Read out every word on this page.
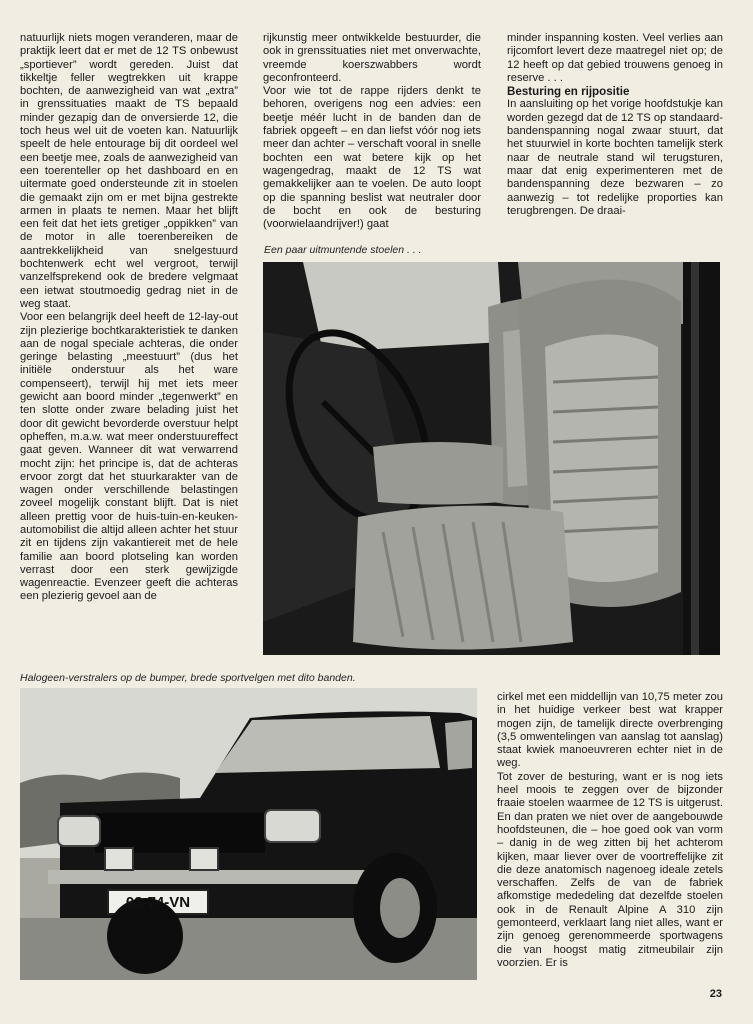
natuurlijk niets mogen veranderen, maar de praktijk leert dat er met de 12 TS onbewust „sportiever” wordt gereden. Juist dat tikkeltje feller wegtrekken uit krappe bochten, de aanwezigheid van wat „extra” in grenssituaties maakt de TS bepaald minder gezapig dan de onversierde 12, die toch heus wel uit de voeten kan. Natuurlijk speelt de hele entourage bij dit oordeel wel een beetje mee, zoals de aanwezigheid van een toerenteller op het dashboard en en uitermate goed ondersteunde zit in stoelen die gemaakt zijn om er met bijna gestrekte armen in plaats te nemen. Maar het blijft een feit dat het iets gretiger „oppikken” van de motor in alle toerenbereiken de aantrekkelijkheid van snelgestuurd bochtenwerk echt wel vergroot, terwijl vanzelfsprekend ook de bredere velgmaat een ietwat stoutmoedig gedrag niet in de weg staat.

Voor een belangrijk deel heeft de 12-lay-out zijn plezierige bochtkarakteristiek te danken aan de nogal speciale achteras, die onder geringe belasting „meestuurt” (dus het initiële onderstuur als het ware compenseert), terwijl hij met iets meer gewicht aan boord minder „tegenwerkt” en ten slotte onder zware belading juist het door dit gewicht bevorderde overstuur helpt opheffen, m.a.w. wat meer onderstuureffect gaat geven. Wanneer dit wat verwarrend mocht zijn: het principe is, dat de achteras ervoor zorgt dat het stuurkarakter van de wagen onder verschillende belastingen zoveel mogelijk constant blijft. Dat is niet alleen prettig voor de huis-tuin-en-keuken-automobilist die altijd alleen achter het stuur zit en tijdens zijn vakantiereit met de hele familie aan boord plotseling kan worden verrast door een sterk gewijzigde wagenreactie. Evenzeer geeft die achteras een plezierig gevoel aan de

rijkunstig meer ontwikkelde bestuurder, die ook in grenssituaties niet met onverwachte, vreemde koerszwabbers wordt geconfronteerd.

Voor wie tot de rappe rijders denkt te behoren, overigens nog een advies: een beetje méér lucht in de banden dan de fabriek opgeeft – en dan liefst vóór nog iets meer dan achter – verschaft vooral in snelle bochten een wat betere kijk op het wagengedrag, maakt de 12 TS wat gemakkelijker aan te voelen. De auto loopt op die spanning beslist wat neutraler door de bocht en ook de besturing (voorwielaandrijver!) gaat

minder inspanning kosten. Veel verlies aan rijcomfort levert deze maatregel niet op; de 12 heeft op dat gebied trouwens genoeg in reserve . . .

Besturing en rijpositie

In aansluiting op het vorige hoofdstukje kan worden gezegd dat de 12 TS op standaard-bandenspanning nogal zwaar stuurt, dat het stuurwiel in korte bochten tamelijk sterk naar de neutrale stand wil terugsturen, maar dat enig experimenteren met de bandenspanning deze bezwaren – zo aanwezig – tot redelijke proporties kan terugbrengen. De draai-

Een paar uitmuntende stoelen . . .
Halogeen-verstralers op de bumper, brede sportvelgen met dito banden.
03-74-VN

cirkel met een middellijn van 10,75 meter zou in het huidige verkeer best wat krapper mogen zijn, de tamelijk directe overbrenging (3,5 omwentelingen van aanslag tot aanslag) staat kwiek manoeuvreren echter niet in de weg.

Tot zover de besturing, want er is nog iets heel moois te zeggen over de bijzonder fraaie stoelen waarmee de 12 TS is uitgerust. En dan praten we niet over de aangebouwde hoofdsteunen, die – hoe goed ook van vorm – danig in de weg zitten bij het achterom kijken, maar liever over de voortreffelijke zit die deze anatomisch nagenoeg ideale zetels verschaffen. Zelfs de van de fabriek afkomstige mededeling dat dezelfde stoelen ook in de Renault Alpine A 310 zijn gemonteerd, verklaart lang niet alles, want er zijn genoeg gerenommeerde sportwagens die van hoogst matig zitmeubilair zijn voorzien. Er is

23
